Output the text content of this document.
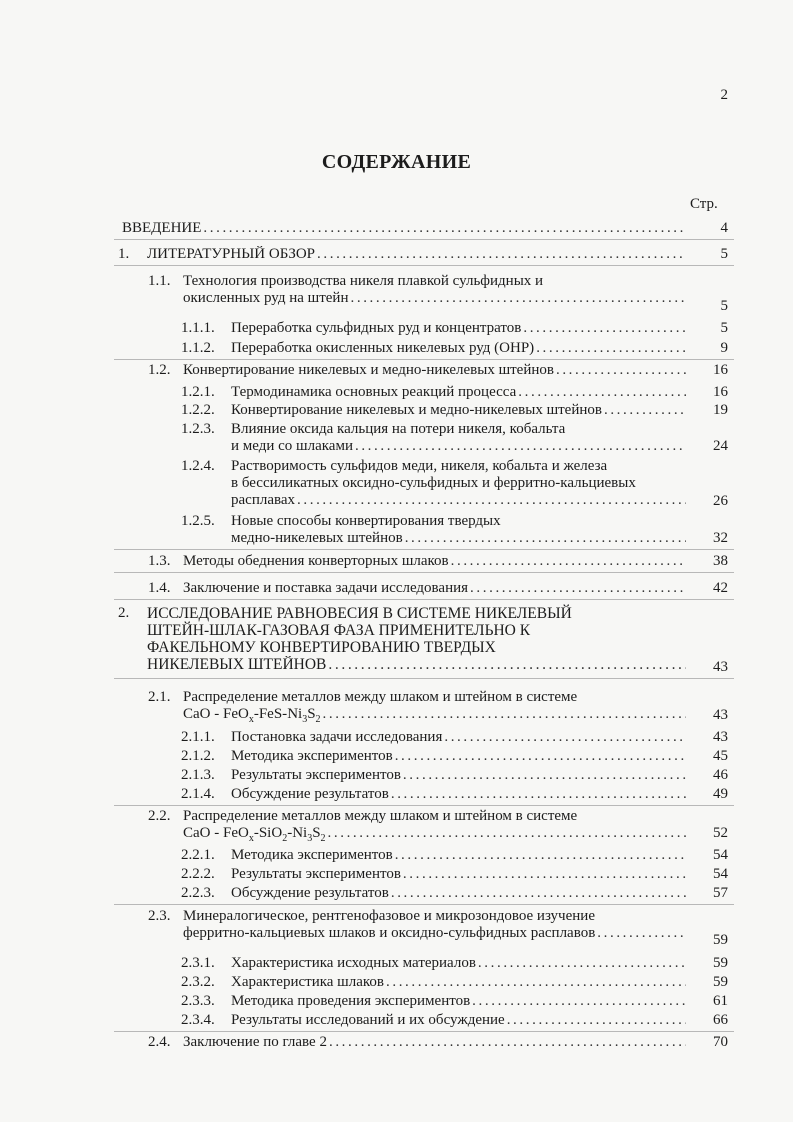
2
СОДЕРЖАНИЕ
Стр.
ВВЕДЕНИЕ .....	4
1. ЛИТЕРАТУРНЫЙ ОБЗОР .....	5
1.1. Технология производства никеля плавкой сульфидных и
окисленных руд на штейн .....	5
1.1.1. Переработка сульфидных руд и концентратов .....	5
1.1.2. Переработка окисленных никелевых руд (ОНР) .....	9
1.2. Конвертирование никелевых и медно-никелевых штейнов .....	16
1.2.1. Термодинамика основных реакций процесса .....	16
1.2.2. Конвертирование никелевых и медно-никелевых штейнов .....	19
1.2.3. Влияние оксида кальция на потери никеля, кобальта
и меди со шлаками .....	24
1.2.4. Растворимость сульфидов меди, никеля, кобальта и железа
в бессиликатных оксидно-сульфидных и ферритно-кальциевых
расплавах .....	26
1.2.5. Новые способы конвертирования твердых
медно-никелевых штейнов .....	32
1.3. Методы обеднения конверторных шлаков .....	38
1.4. Заключение и поставка задачи исследования .....	42
2. ИССЛЕДОВАНИЕ РАВНОВЕСИЯ В СИСТЕМЕ НИКЕЛЕВЫЙ
ШТЕЙН-ШЛАК-ГАЗОВАЯ ФАЗА ПРИМЕНИТЕЛЬНО К
ФАКЕЛЬНОМУ КОНВЕРТИРОВАНИЮ ТВЕРДЫХ
НИКЕЛЕВЫХ ШТЕЙНОВ .....	43
2.1. Распределение металлов между шлаком и штейном в системе
CaO - $FeO_x-FeS-Ni_3S_2$ .....	43
2.1.1. Постановка задачи исследования .....	43
2.1.2. Методика экспериментов .....	45
2.1.3. Результаты экспериментов .....	46
2.1.4. Обсуждение результатов .....	49
2.2. Распределение металлов между шлаком и штейном в системе
CaO - $FeO_x-SiO_2-Ni_3S_2$ .....	52
2.2.1. Методика экспериментов .....	54
2.2.2. Результаты экспериментов .....	54
2.2.3. Обсуждение результатов .....	57
2.3. Минералогическое, рентгенофазовое и микрозондовое изучение
ферритно-кальциевых шлаков и оксидно-сульфидных расплавов .....	59
2.3.1. Характеристика исходных материалов .....	59
2.3.2. Характеристика шлаков .....	59
2.3.3. Методика проведения экспериментов .....	61
2.3.4. Результаты исследований и их обсуждение .....	66
2.4. Заключение по главе 2 .....	70
